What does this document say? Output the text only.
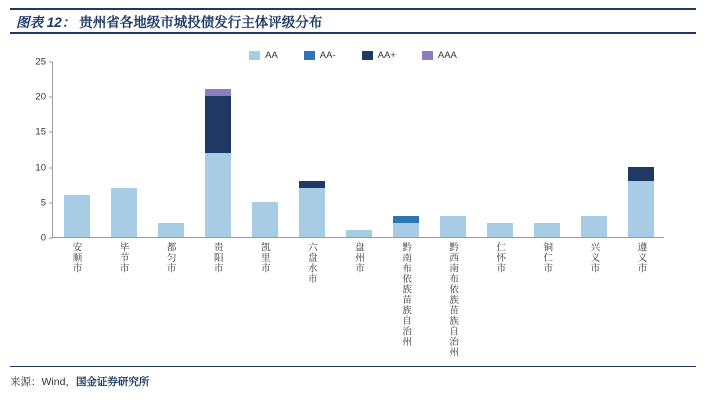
图表 12： 贵州省各地级市城投债发行主体评级分布
AA	AA-	AA+	AAA
0
5
10
15
20
25
安顺市	毕节市	都匀市	贵阳市	凯里市	六盘水市	盘州市	黔南布依族苗族自治州	黔西南布依族苗族自治州	仁怀市	铜仁市	兴义市	遵义市
来源：Wind，国金证券研究所
